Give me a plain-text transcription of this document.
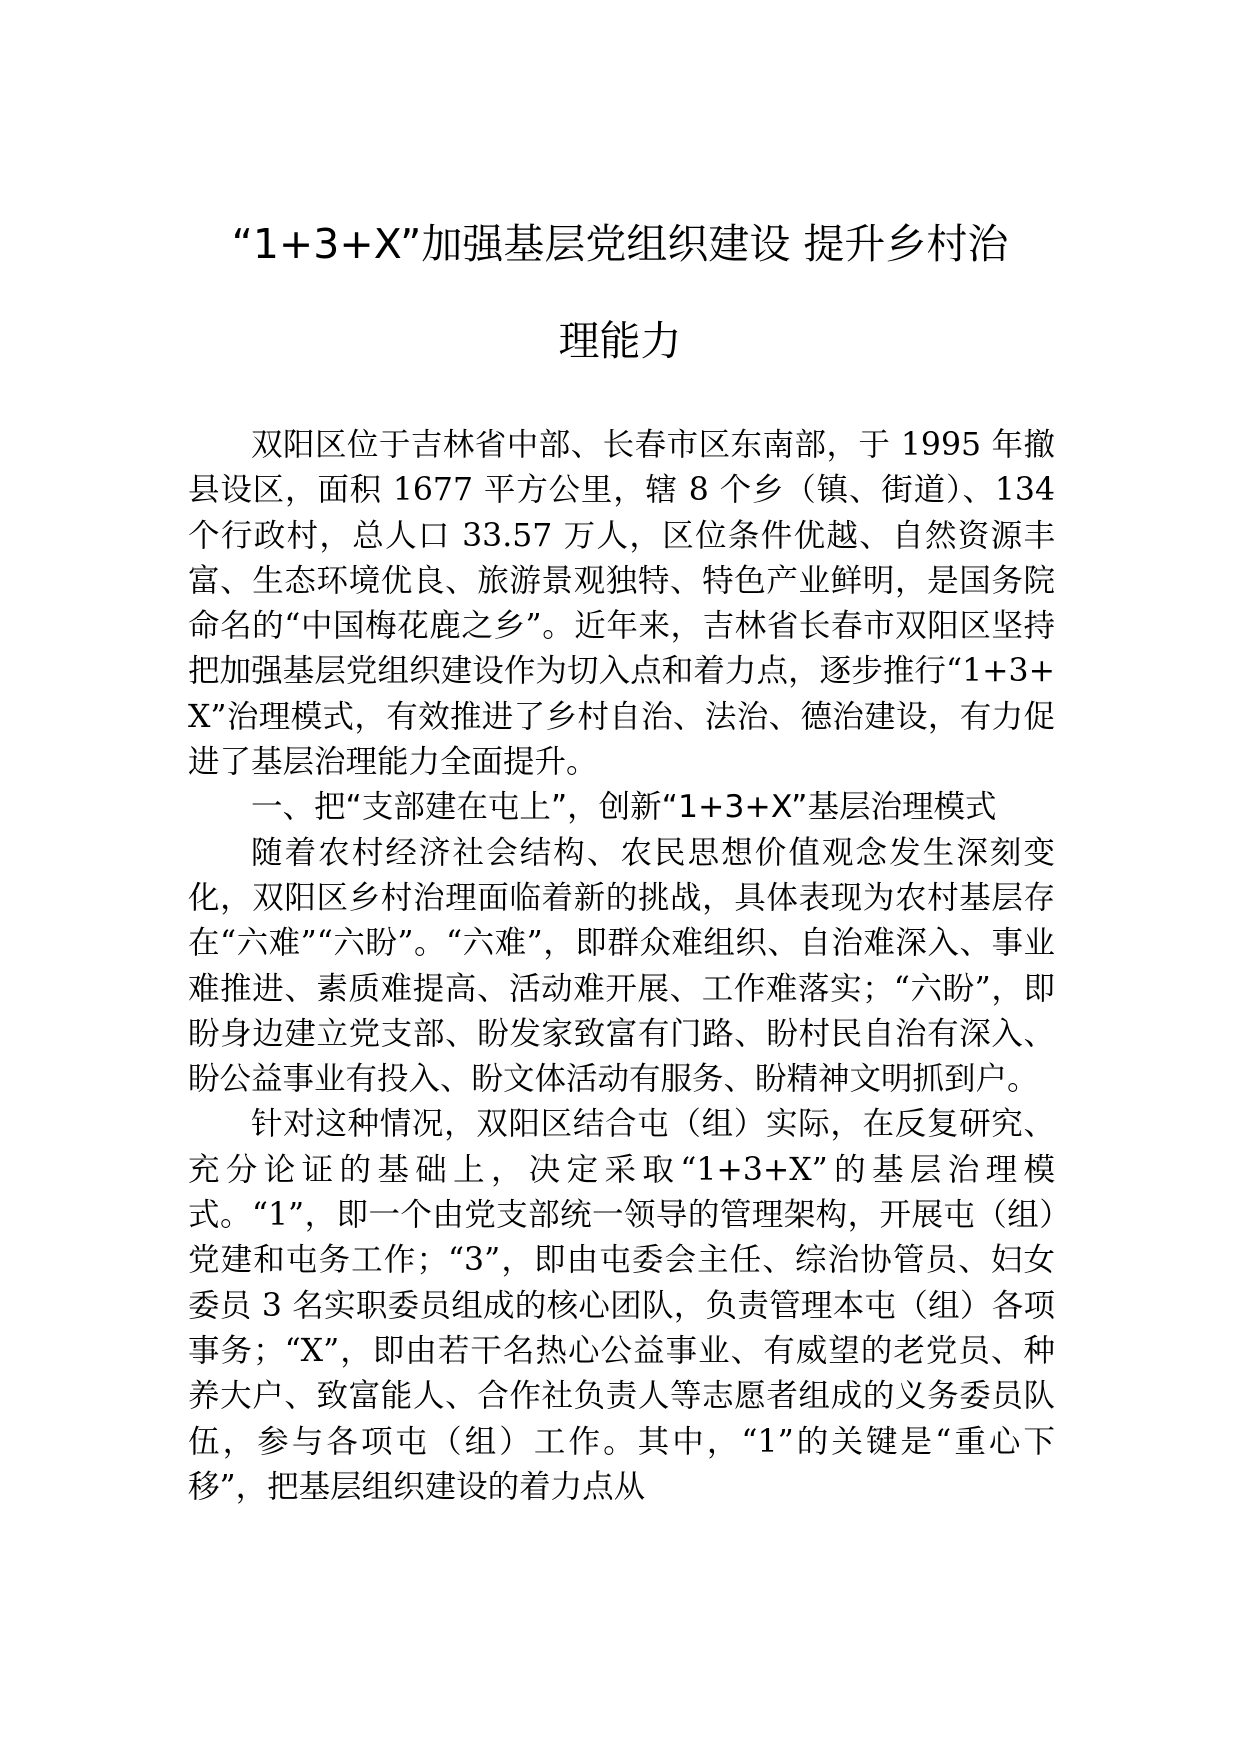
“1+3+X”加强基层党组织建设 提升乡村治
理能力

双阳区位于吉林省中部、长春市区东南部，于 1995 年撤县设区，面积 1677 平方公里，辖 8 个乡（镇、街道）、134 个行政村，总人口 33.57 万人，区位条件优越、自然资源丰富、生态环境优良、旅游景观独特、特色产业鲜明，是国务院命名的“中国梅花鹿之乡”。近年来，吉林省长春市双阳区坚持把加强基层党组织建设作为切入点和着力点，逐步推行“1+3+X”治理模式，有效推进了乡村自治、法治、德治建设，有力促进了基层治理能力全面提升。

一、把“支部建在屯上”，创新“1+3+X”基层治理模式

随着农村经济社会结构、农民思想价值观念发生深刻变化，双阳区乡村治理面临着新的挑战，具体表现为农村基层存在“六难”“六盼”。“六难”，即群众难组织、自治难深入、事业难推进、素质难提高、活动难开展、工作难落实；“六盼”，即盼身边建立党支部、盼发家致富有门路、盼村民自治有深入、盼公益事业有投入、盼文体活动有服务、盼精神文明抓到户。

针对这种情况，双阳区结合屯（组）实际，在反复研究、充分论证的基础上，决定采取“1+3+X”的基层治理模式。“1”，即一个由党支部统一领导的管理架构，开展屯（组）党建和屯务工作；“3”，即由屯委会主任、综治协管员、妇女委员 3 名实职委员组成的核心团队，负责管理本屯（组）各项事务；“X”，即由若干名热心公益事业、有威望的老党员、种养大户、致富能人、合作社负责人等志愿者组成的义务委员队伍，参与各项屯（组）工作。其中，“1”的关键是“重心下移”，把基层组织建设的着力点从
